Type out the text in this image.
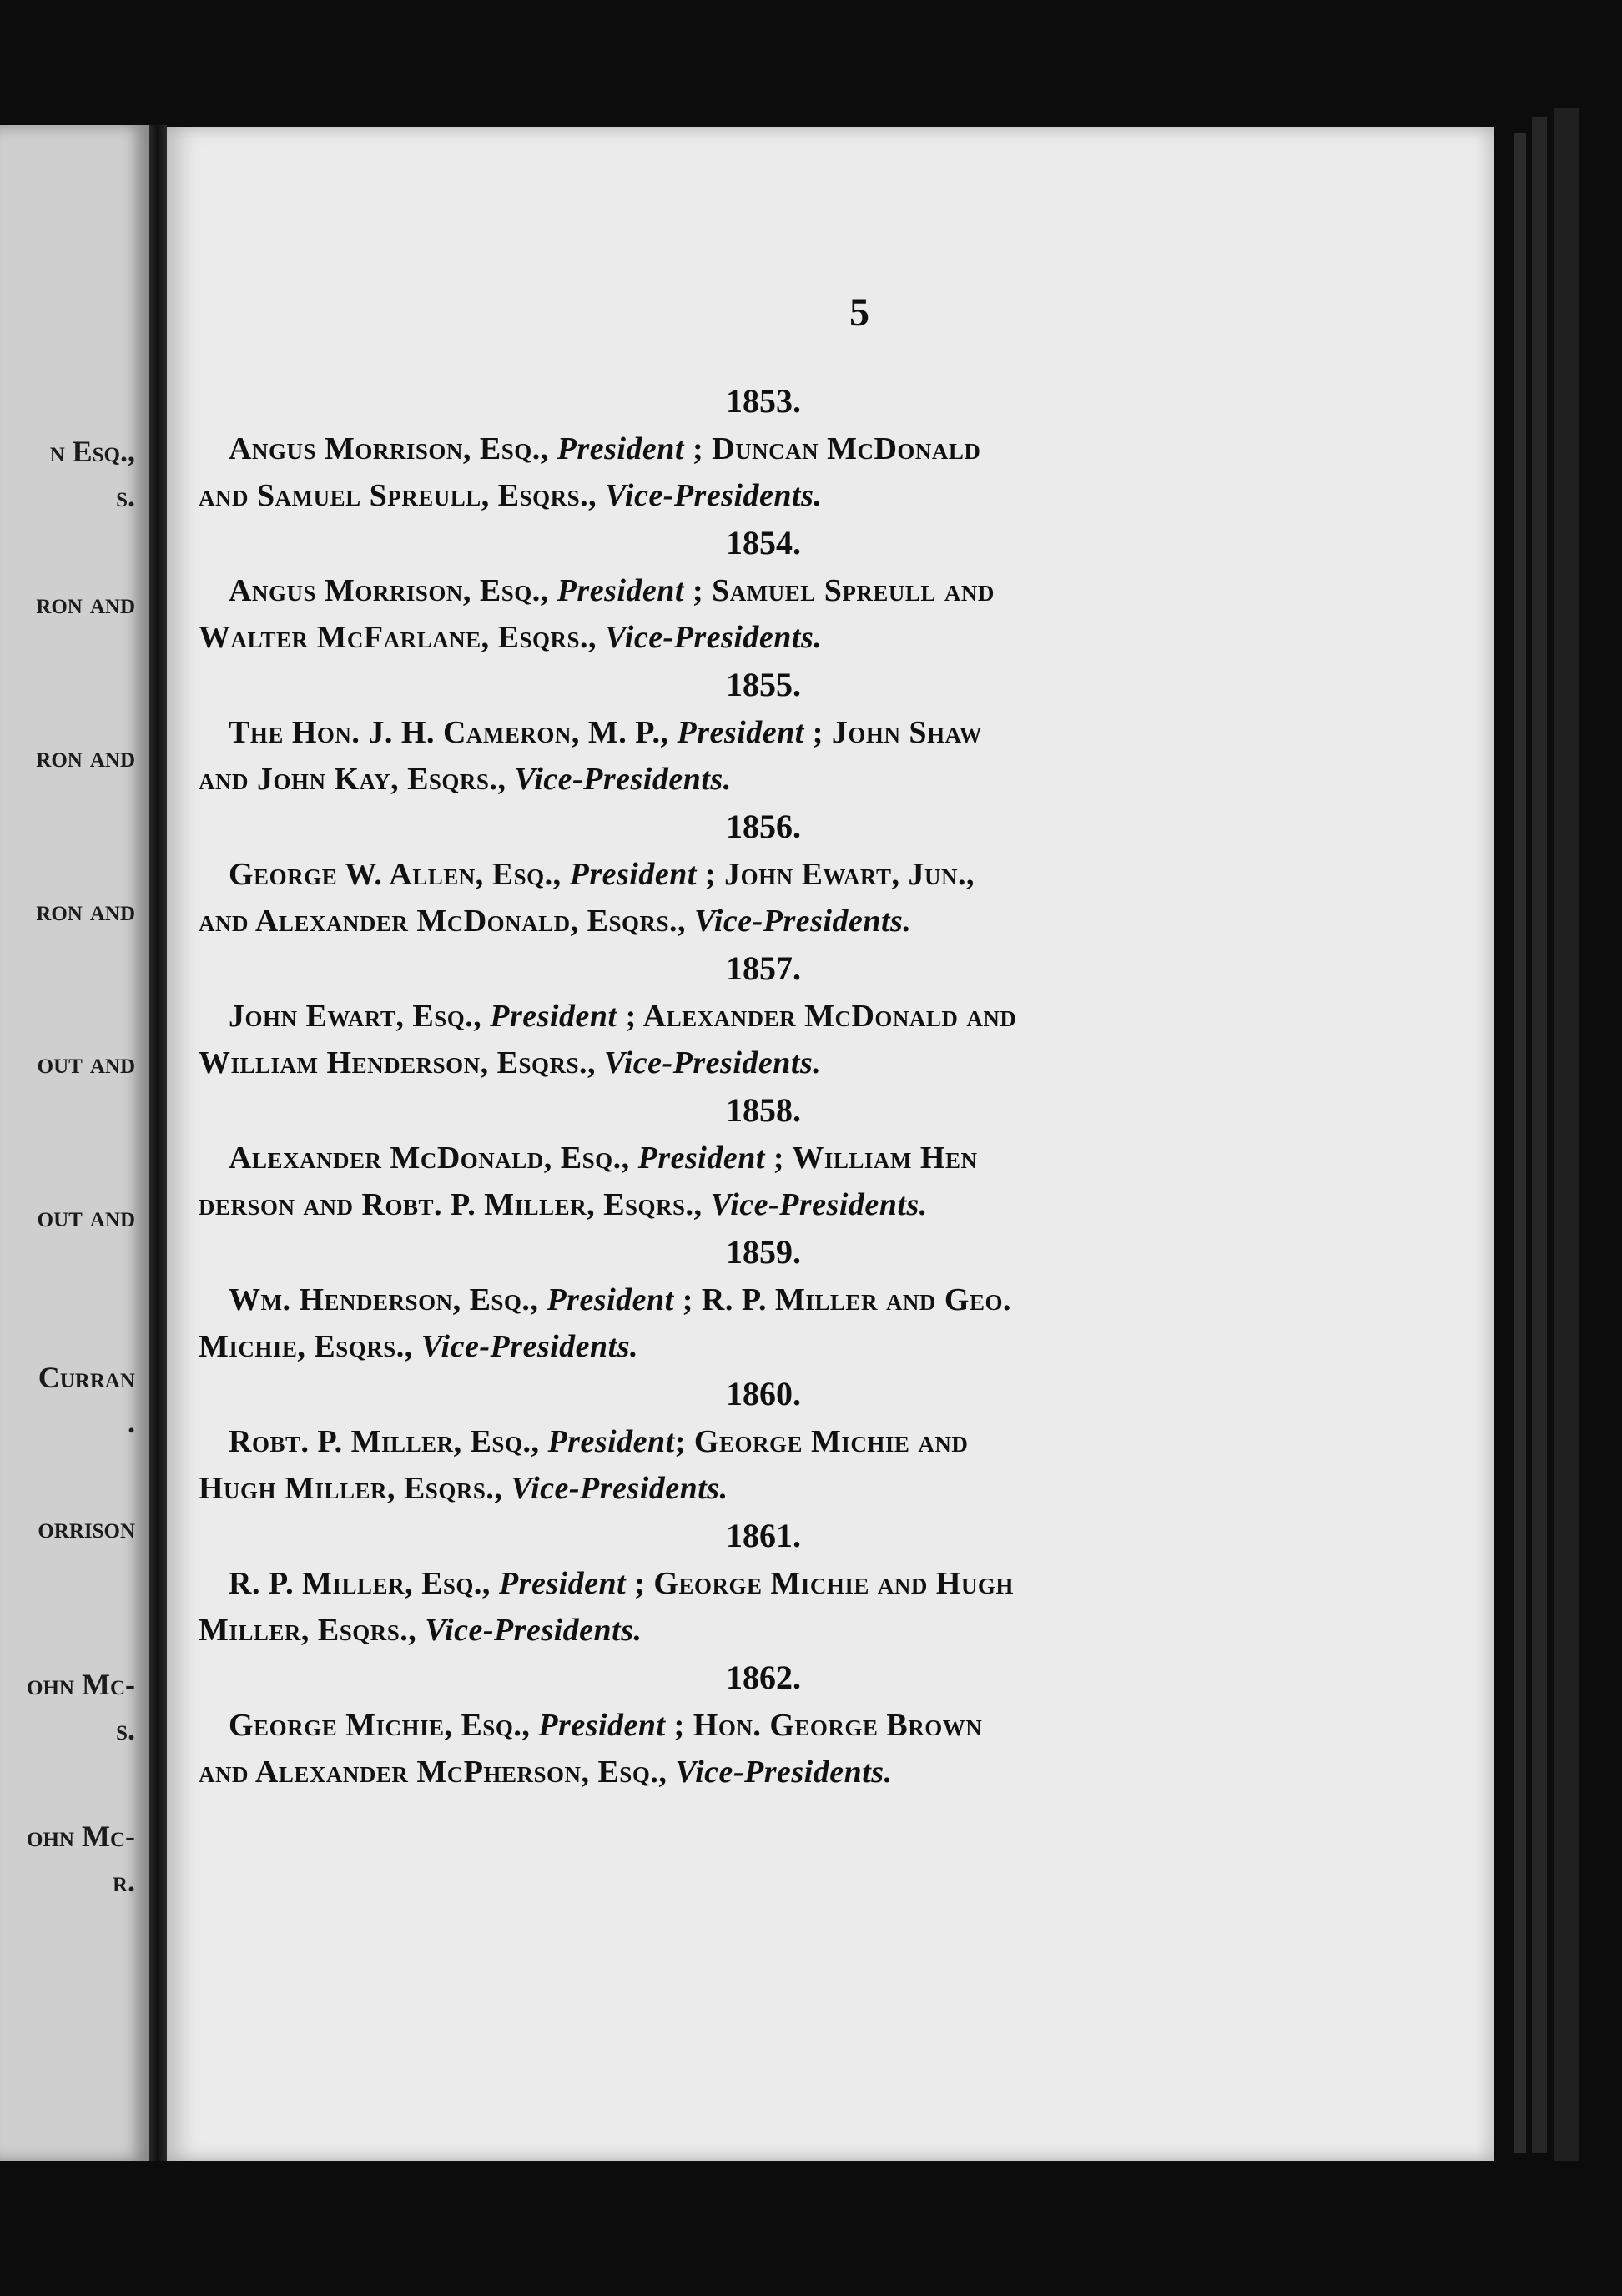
n Esq.,
s.
ron and
ron and
ron and
out and
out and
Curran
.
orrison
ohn Mc-
s.
ohn Mc-
r.
5
1853.
Angus Morrison, Esq., President ; Duncan McDonald
and Samuel Spreull, Esqrs., Vice-Presidents.
1854.
Angus Morrison, Esq., President ; Samuel Spreull and
Walter McFarlane, Esqrs., Vice-Presidents.
1855.
The Hon. J. H. Cameron, M. P., President ; John Shaw
and John Kay, Esqrs., Vice-Presidents.
1856.
George W. Allen, Esq., President ; John Ewart, Jun.,
and Alexander McDonald, Esqrs., Vice-Presidents.
1857.
John Ewart, Esq., President ; Alexander McDonald and
William Henderson, Esqrs., Vice-Presidents.
1858.
Alexander McDonald, Esq., President ; William Hen
derson and Robt. P. Miller, Esqrs., Vice-Presidents.
1859.
Wm. Henderson, Esq., President ; R. P. Miller and Geo.
Michie, Esqrs., Vice-Presidents.
1860.
Robt. P. Miller, Esq., President; George Michie and
Hugh Miller, Esqrs., Vice-Presidents.
1861.
R. P. Miller, Esq., President ; George Michie and Hugh
Miller, Esqrs., Vice-Presidents.
1862.
George Michie, Esq., President ; Hon. George Brown
and Alexander McPherson, Esq., Vice-Presidents.
